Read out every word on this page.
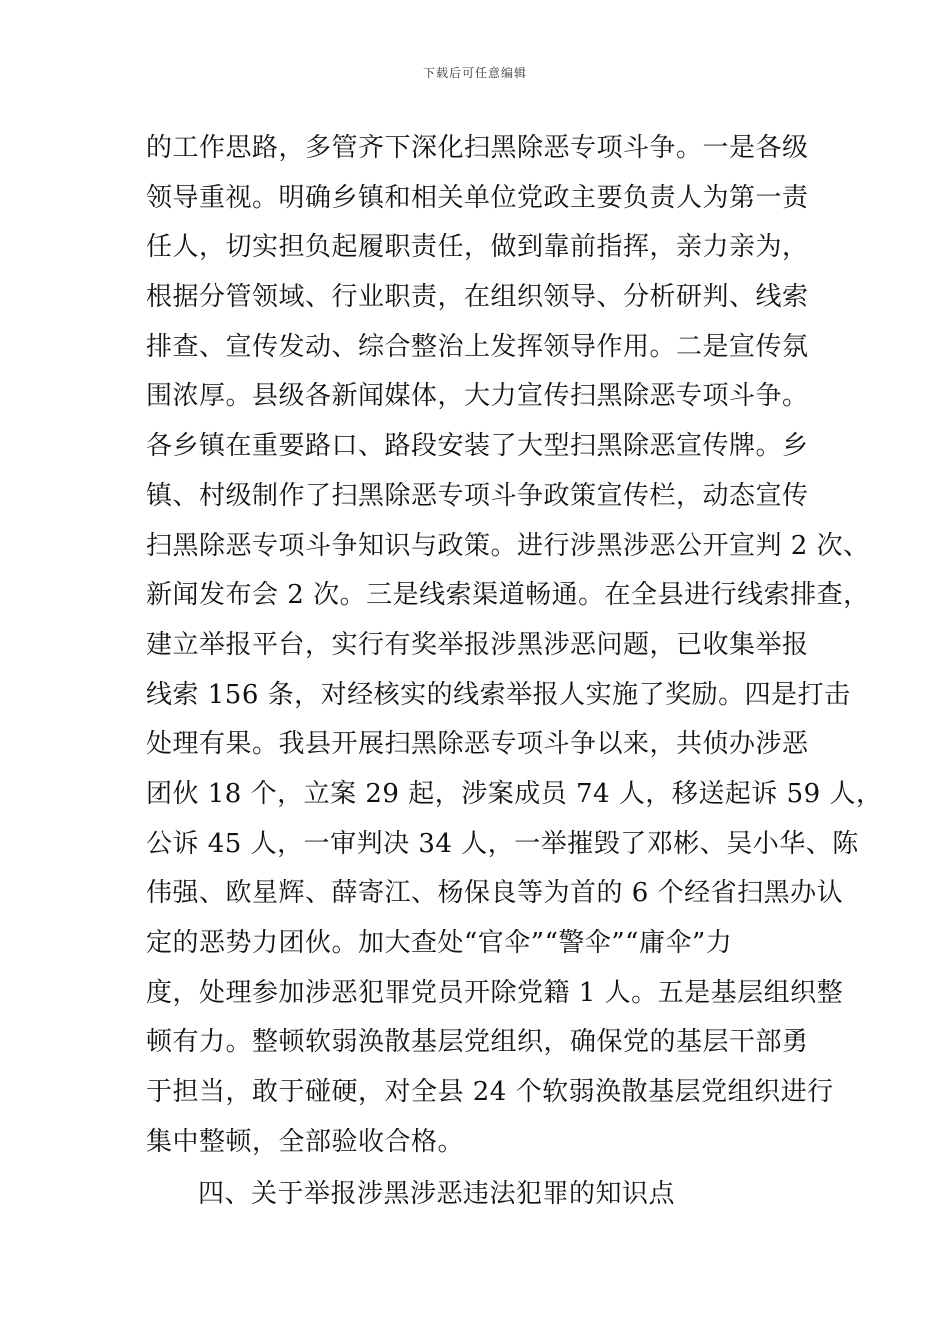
下载后可任意编辑
的工作思路，多管齐下深化扫黑除恶专项斗争。一是各级
领导重视。明确乡镇和相关单位党政主要负责人为第一责
任人，切实担负起履职责任，做到靠前指挥，亲力亲为，
根据分管领域、行业职责，在组织领导、分析研判、线索
排查、宣传发动、综合整治上发挥领导作用。二是宣传氛
围浓厚。县级各新闻媒体，大力宣传扫黑除恶专项斗争。
各乡镇在重要路口、路段安装了大型扫黑除恶宣传牌。乡
镇、村级制作了扫黑除恶专项斗争政策宣传栏，动态宣传
扫黑除恶专项斗争知识与政策。进行涉黑涉恶公开宣判 2 次、
新闻发布会 2 次。三是线索渠道畅通。在全县进行线索排查，
建立举报平台，实行有奖举报涉黑涉恶问题，已收集举报
线索 156 条，对经核实的线索举报人实施了奖励。四是打击
处理有果。我县开展扫黑除恶专项斗争以来，共侦办涉恶
团伙 18 个，立案 29 起，涉案成员 74 人，移送起诉 59 人，
公诉 45 人，一审判决 34 人，一举摧毁了邓彬、吴小华、陈
伟强、欧星辉、薛寄江、杨保良等为首的 6 个经省扫黑办认
定的恶势力团伙。加大查处“官伞”“警伞”“庸伞”力
度，处理参加涉恶犯罪党员开除党籍 1 人。五是基层组织整
顿有力。整顿软弱涣散基层党组织，确保党的基层干部勇
于担当，敢于碰硬，对全县 24 个软弱涣散基层党组织进行
集中整顿，全部验收合格。
四、关于举报涉黑涉恶违法犯罪的知识点
